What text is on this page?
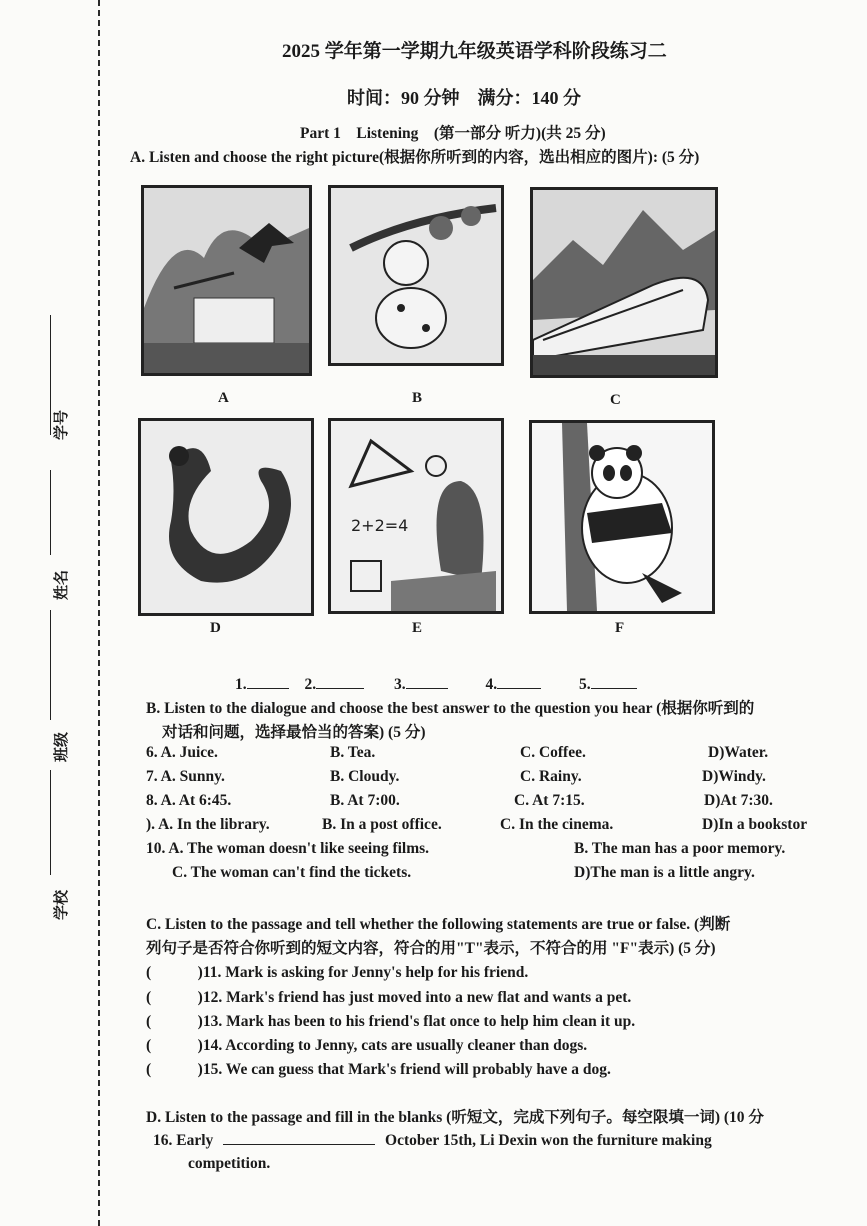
学号
姓名
班级
学校
2025 学年第一学期九年级英语学科阶段练习二
时间：90 分钟　满分：140 分
Part 1　Listening　(第一部分 听力)(共 25 分)
A. Listen and choose the right picture(根据你所听到的内容，选出相应的图片): (5 分)
2+2=4
A	B	C
D	E	F
1.	2.	3.	4.	5.
B. Listen to the dialogue and choose the best answer to the question you hear (根据你听到的
对话和问题，选择最恰当的答案) (5 分)
6. A. Juice.	B. Tea.	C. Coffee.	D)Water.
7. A. Sunny.	B. Cloudy.	C. Rainy.	D)Windy.
8. A. At 6:45.	B. At 7:00.	C. At 7:15.	D)At 7:30.
). A. In the library.	B. In a post office.	C. In the cinema.	D)In a bookstor
10. A. The woman doesn't like seeing films.	B. The man has a poor memory.
C. The woman can't find the tickets.	D)The man is a little angry.
C. Listen to the passage and tell whether the following statements are true or false. (判断
列句子是否符合你听到的短文内容，符合的用"T"表示，不符合的用 "F"表示) (5 分)
(　　　)11. Mark is asking for Jenny's help for his friend.
(　　　)12. Mark's friend has just moved into a new flat and wants a pet.
(　　　)13. Mark has been to his friend's flat once to help him clean it up.
(　　　)14. According to Jenny, cats are usually cleaner than dogs.
(　　　)15. We can guess that Mark's friend will probably have a dog.
D. Listen to the passage and fill in the blanks (听短文，完成下列句子。每空限填一词) (10 分
16. Early	October 15th, Li Dexin won the furniture making
competition.
